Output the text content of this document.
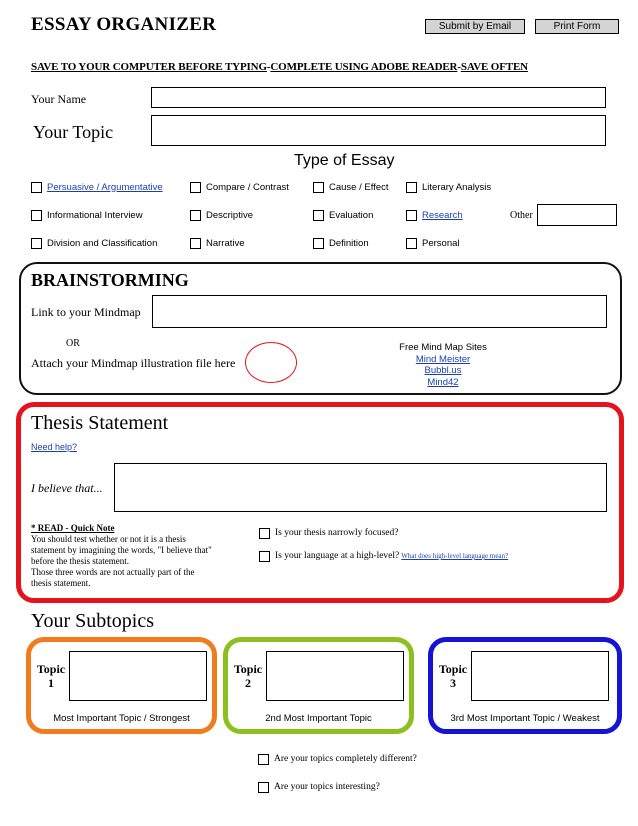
ESSAY ORGANIZER	Submit by Email	Print Form
SAVE TO YOUR COMPUTER BEFORE TYPING-COMPLETE USING ADOBE READER-SAVE OFTEN
Your Name
Your Topic
Type of Essay
Persuasive / Argumentative	Compare / Contrast	Cause / Effect	Literary Analysis
Informational Interview	Descriptive	Evaluation	Research
Division and Classification	Narrative	Definition	Personal
Other
BRAINSTORMING
Link to your Mindmap
OR
Attach your Mindmap illustration file here
Free Mind Map Sites
Mind Meister
Bubbl.us
Mind42
Thesis Statement
Need help?
I believe that...
* READ - Quick Note
You should test whether or not it is a thesis
statement by imagining the words, "I believe that"
before the thesis statement.
Those three words are not actually part of the
thesis statement.
Is your thesis narrowly focused?
Is your language at a high-level? What does high-level language mean?
Your Subtopics
Topic
1
Most Important Topic / Strongest
Topic
2
2nd Most Important Topic
Topic
3
3rd Most Important Topic / Weakest
Are your topics completely different?
Are your topics interesting?
